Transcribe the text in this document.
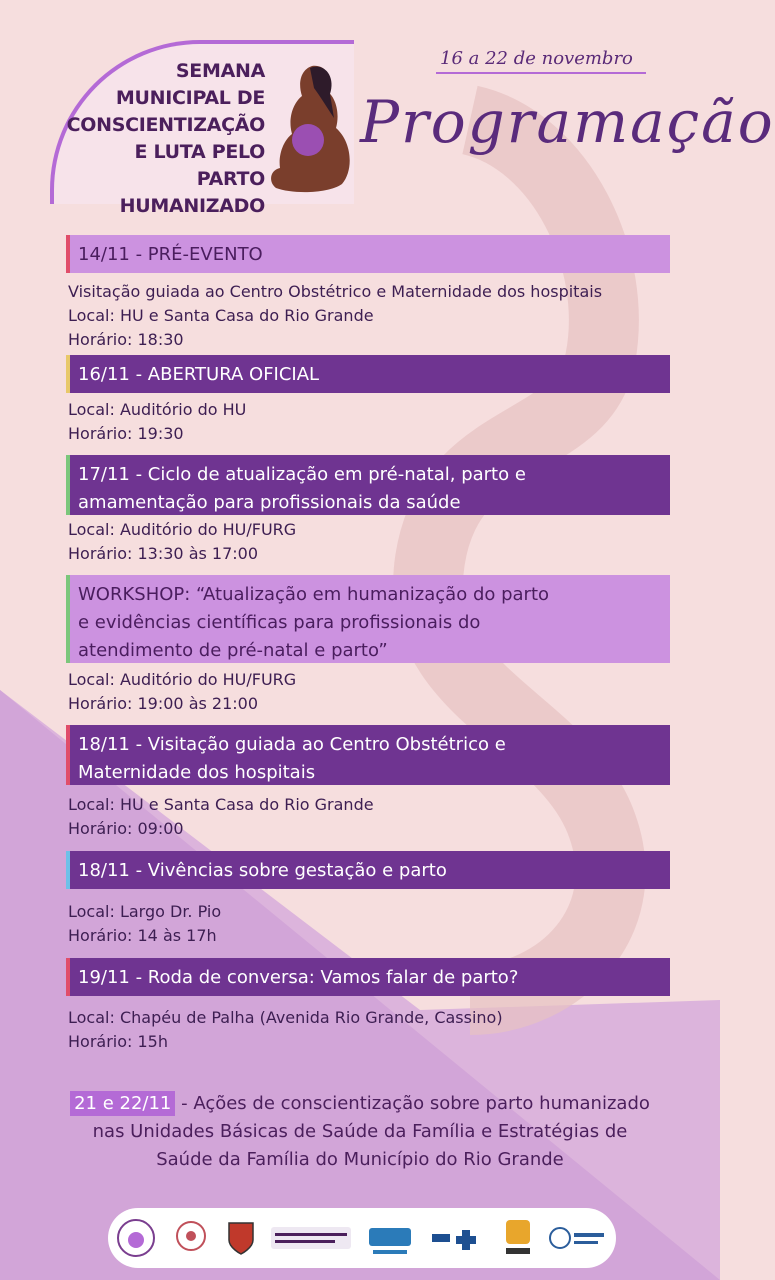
SEMANA
MUNICIPAL DE
CONSCIENTIZAÇÃO
E LUTA PELO
PARTO HUMANIZADO
16 a 22 de novembro
Programação
14/11 - PRÉ-EVENTO
Visitação guiada ao Centro Obstétrico e Maternidade dos hospitais
Local: HU e Santa Casa do Rio Grande
Horário: 18:30
16/11 - ABERTURA OFICIAL
Local: Auditório do HU
Horário: 19:30
17/11 - Ciclo de atualização em pré-natal, parto e
amamentação para profissionais da saúde
Local: Auditório do HU/FURG
Horário: 13:30 às 17:00
WORKSHOP: “Atualização em humanização do parto
e evidências científicas para profissionais do
atendimento de pré-natal e parto”
Local: Auditório do HU/FURG
Horário: 19:00 às 21:00
18/11 - Visitação guiada ao Centro Obstétrico e
Maternidade dos hospitais
Local: HU e Santa Casa do Rio Grande
Horário: 09:00
18/11 - Vivências sobre gestação e parto
Local: Largo Dr. Pio
Horário: 14 às 17h
19/11 - Roda de conversa: Vamos falar de parto?
Local: Chapéu de Palha (Avenida Rio Grande, Cassino)
Horário: 15h
21 e 22/11 - Ações de conscientização sobre parto humanizado
nas Unidades Básicas de Saúde da Família e Estratégias de
Saúde da Família do Município do Rio Grande
